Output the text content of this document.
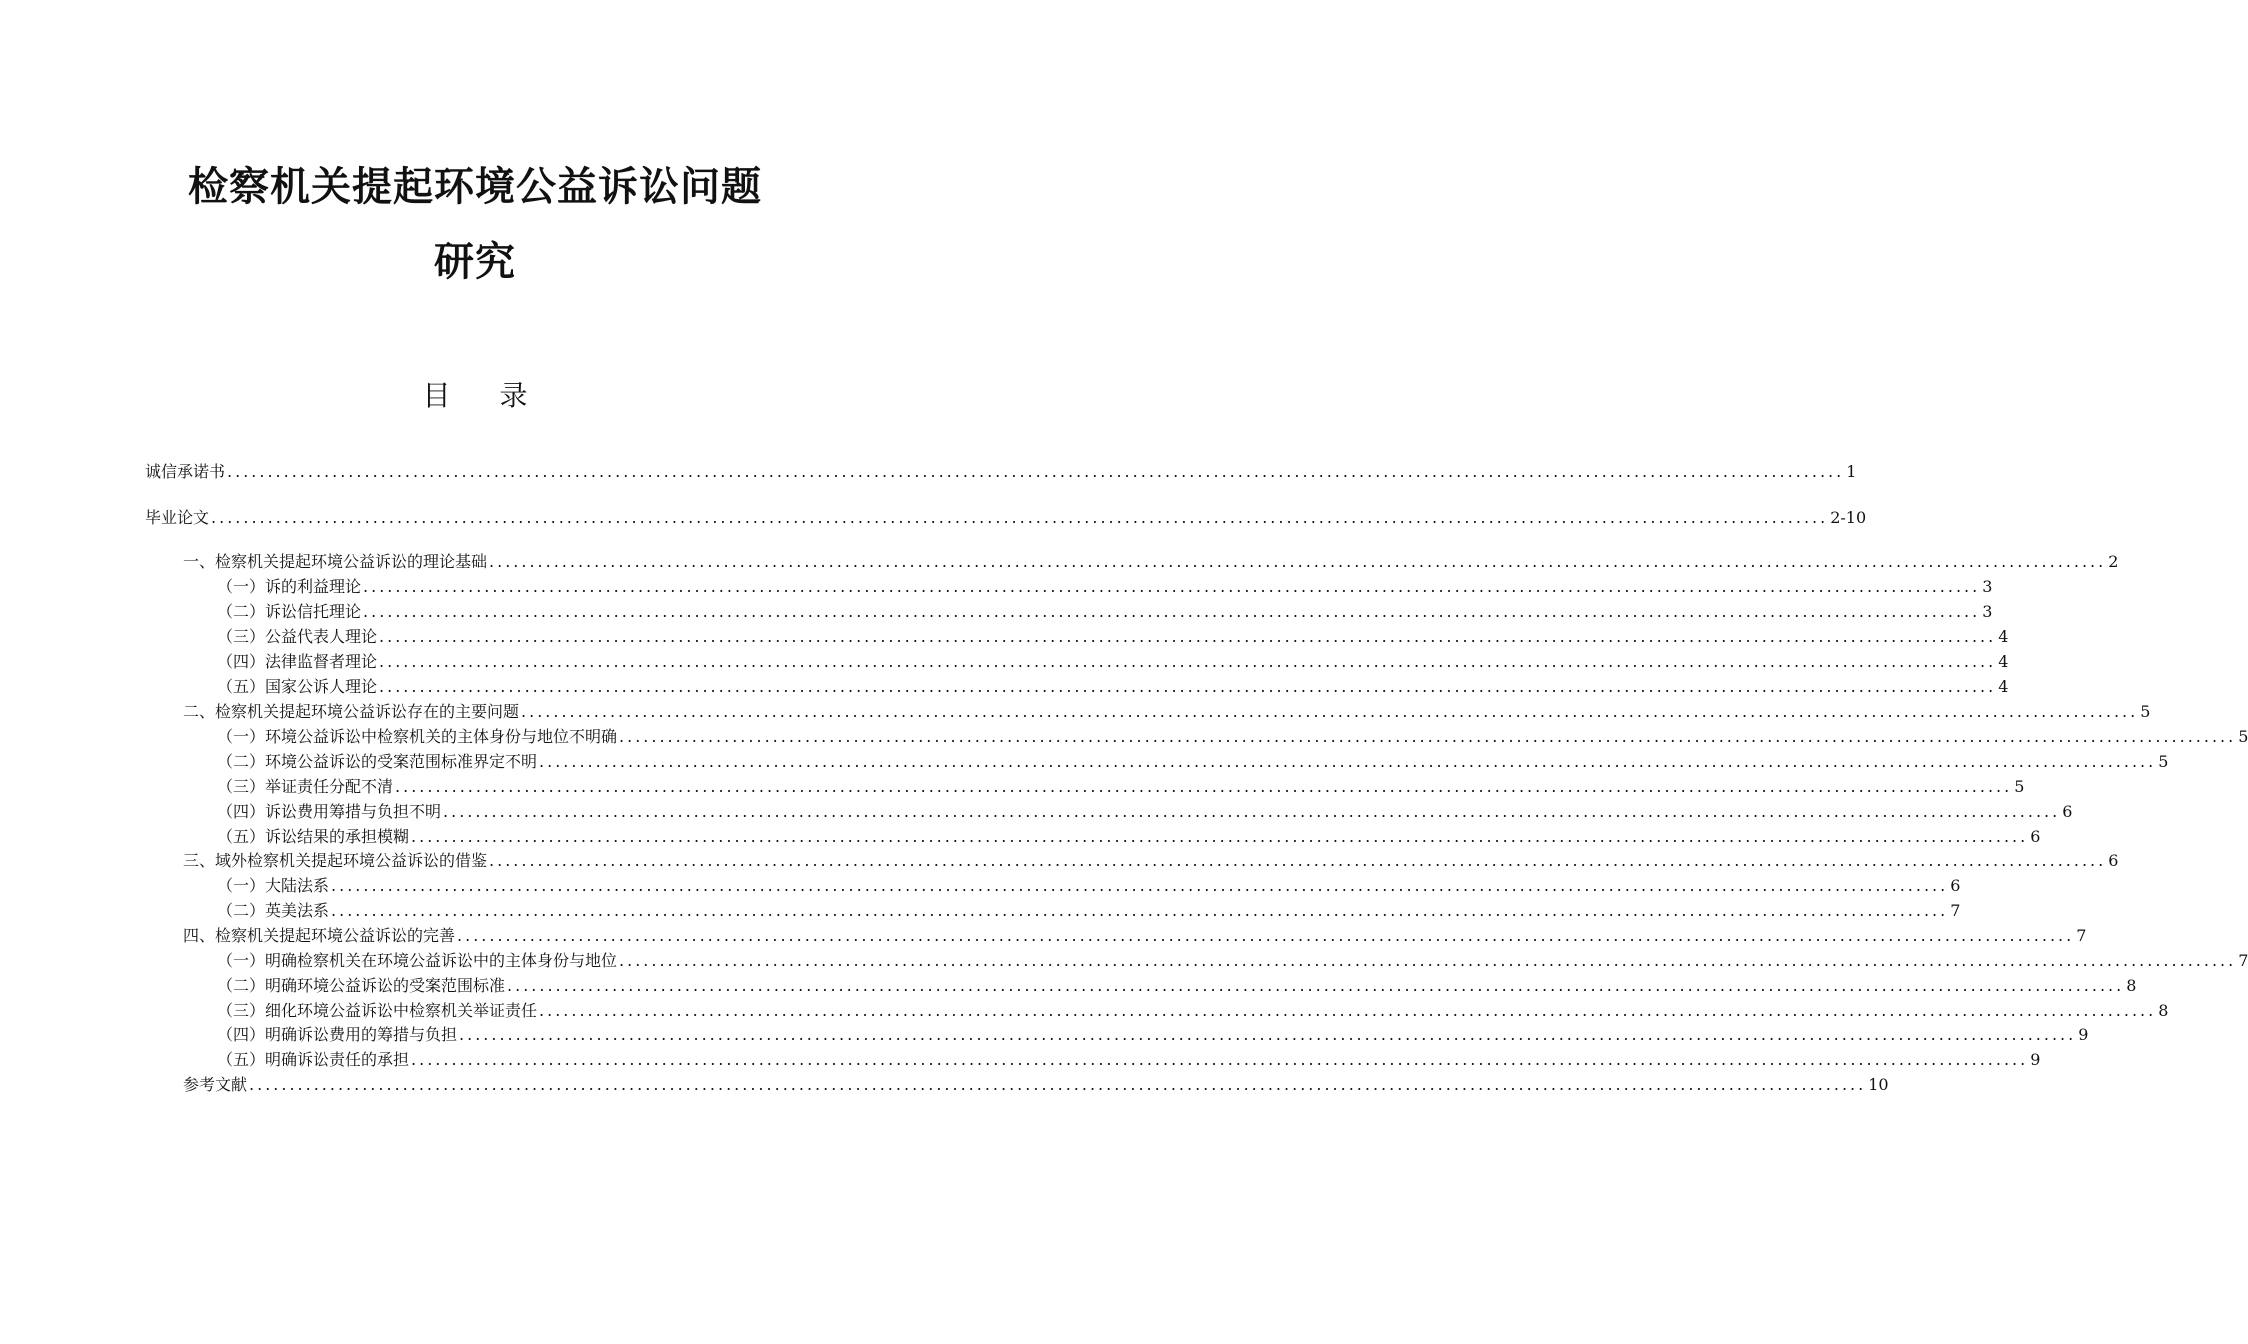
检察机关提起环境公益诉讼问题
研究
目 录
诚信承诺书 ........................................................................................................................................................................................................ 1
毕业论文 ........................................................................................................................................................................................................ 2-10
一、检察机关提起环境公益诉讼的理论基础 ........................................................................................................................................................................................................ 2
（一）诉的利益理论 ........................................................................................................................................................................................................ 3
（二）诉讼信托理论 ........................................................................................................................................................................................................ 3
（三）公益代表人理论 ........................................................................................................................................................................................................ 4
（四）法律监督者理论 ........................................................................................................................................................................................................ 4
（五）国家公诉人理论 ........................................................................................................................................................................................................ 4
二、检察机关提起环境公益诉讼存在的主要问题 ........................................................................................................................................................................................................ 5
（一）环境公益诉讼中检察机关的主体身份与地位不明确 ........................................................................................................................................................................................................ 5
（二）环境公益诉讼的受案范围标准界定不明 ........................................................................................................................................................................................................ 5
（三）举证责任分配不清 ........................................................................................................................................................................................................ 5
（四）诉讼费用筹措与负担不明 ........................................................................................................................................................................................................ 6
（五）诉讼结果的承担模糊 ........................................................................................................................................................................................................ 6
三、域外检察机关提起环境公益诉讼的借鉴 ........................................................................................................................................................................................................ 6
（一）大陆法系 ........................................................................................................................................................................................................ 6
（二）英美法系 ........................................................................................................................................................................................................ 7
四、检察机关提起环境公益诉讼的完善 ........................................................................................................................................................................................................ 7
（一）明确检察机关在环境公益诉讼中的主体身份与地位 ........................................................................................................................................................................................................ 7
（二）明确环境公益诉讼的受案范围标准 ........................................................................................................................................................................................................ 8
（三）细化环境公益诉讼中检察机关举证责任 ........................................................................................................................................................................................................ 8
（四）明确诉讼费用的筹措与负担 ........................................................................................................................................................................................................ 9
（五）明确诉讼责任的承担 ........................................................................................................................................................................................................ 9
参考文献 ........................................................................................................................................................................................................ 10
